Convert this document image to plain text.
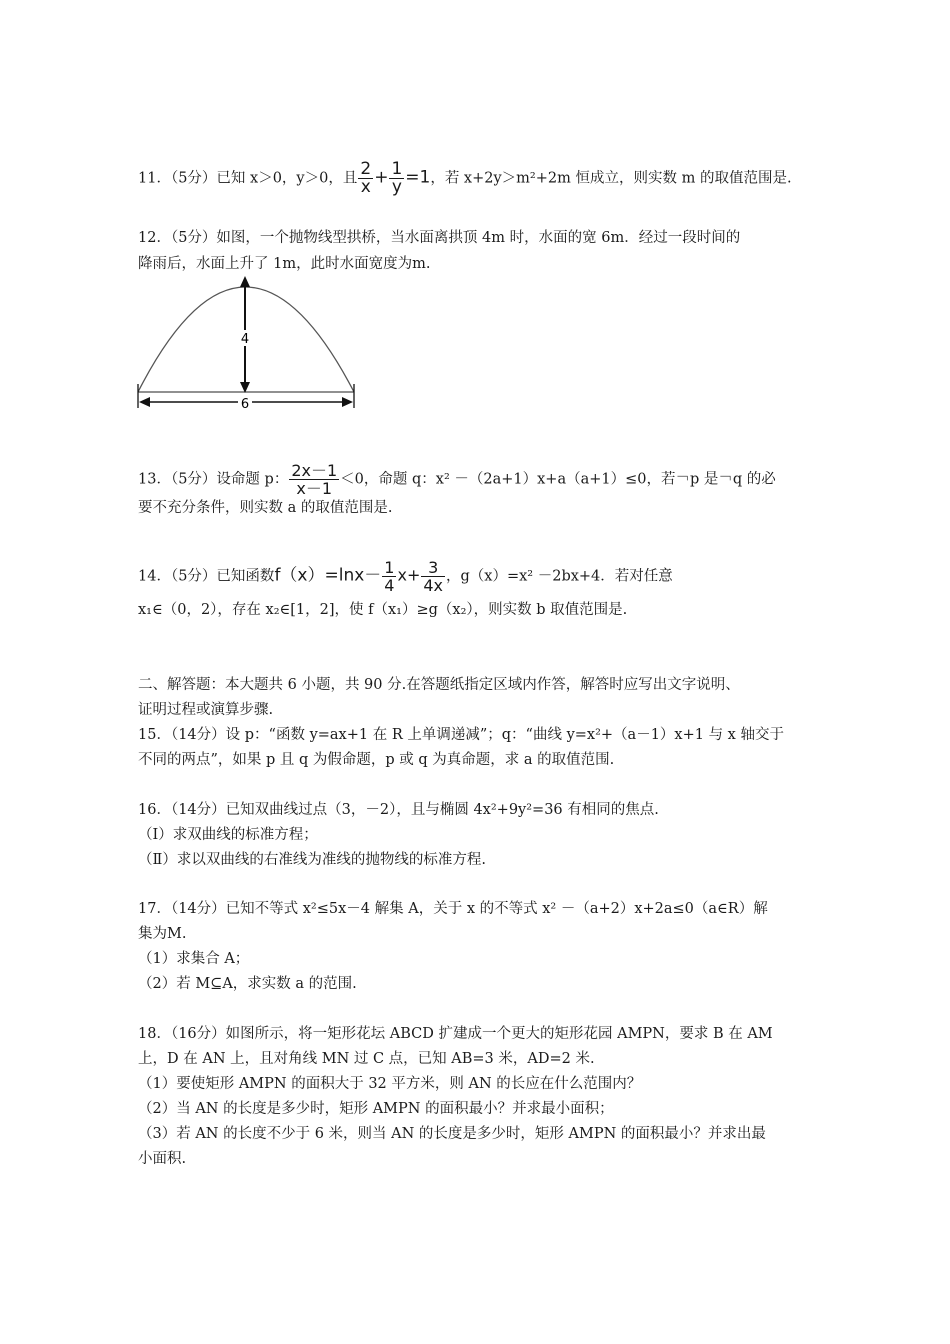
11．（5分）已知 x＞0，y＞0，且 $\frac{2}{x} + \frac{1}{y} =1$，若 x+2y＞m²+2m 恒成立，则实数 m 的取值范围是.
12．（5分）如图，一个抛物线型拱桥，当水面离拱顶 4m 时，水面的宽 6m．经过一段时间的
降雨后，水面上升了 1m，此时水面宽度为m.
4
6
13．（5分）设命题 p： $\frac{2x-1}{x-1} <0$，命题 q：x² －（2a+1）x+a（a+1）≤0，若￢p 是￢q 的必
要不充分条件，则实数 a 的取值范围是.
14．（5分）已知函数$f(x)=\ln x- \frac{1}{4} x+ \frac{3}{4x}$ ，g（x）=x² －2bx+4．若对任意
x₁∈（0，2），存在 x₂∈[1，2]，使 f（x₁）≥g（x₂），则实数 b 取值范围是.
二、解答题：本大题共 6 小题，共 90 分.在答题纸指定区域内作答，解答时应写出文字说明、
证明过程或演算步骤.
15．（14分）设 p：“函数 y=ax+1 在 R 上单调递减”；q：“曲线 y=x²+（a－1）x+1 与 x 轴交于
不同的两点”，如果 p 且 q 为假命题，p 或 q 为真命题，求 a 的取值范围.
16．（14分）已知双曲线过点（3，－2），且与椭圆 4x²+9y²=36 有相同的焦点.
（Ⅰ）求双曲线的标准方程；
（Ⅱ）求以双曲线的右准线为准线的抛物线的标准方程.
17．（14分）已知不等式 x²≤5x－4 解集 A，关于 x 的不等式 x² －（a+2）x+2a≤0（a∈R）解
集为M.
（1）求集合 A；
（2）若 M⊆A，求实数 a 的范围.
18．（16分）如图所示，将一矩形花坛 ABCD 扩建成一个更大的矩形花园 AMPN，要求 B 在 AM
上，D 在 AN 上，且对角线 MN 过 C 点，已知 AB=3 米，AD=2 米.
（1）要使矩形 AMPN 的面积大于 32 平方米，则 AN 的长应在什么范围内？
（2）当 AN 的长度是多少时，矩形 AMPN 的面积最小？并求最小面积；
（3）若 AN 的长度不少于 6 米，则当 AN 的长度是多少时，矩形 AMPN 的面积最小？并求出最
小面积.
